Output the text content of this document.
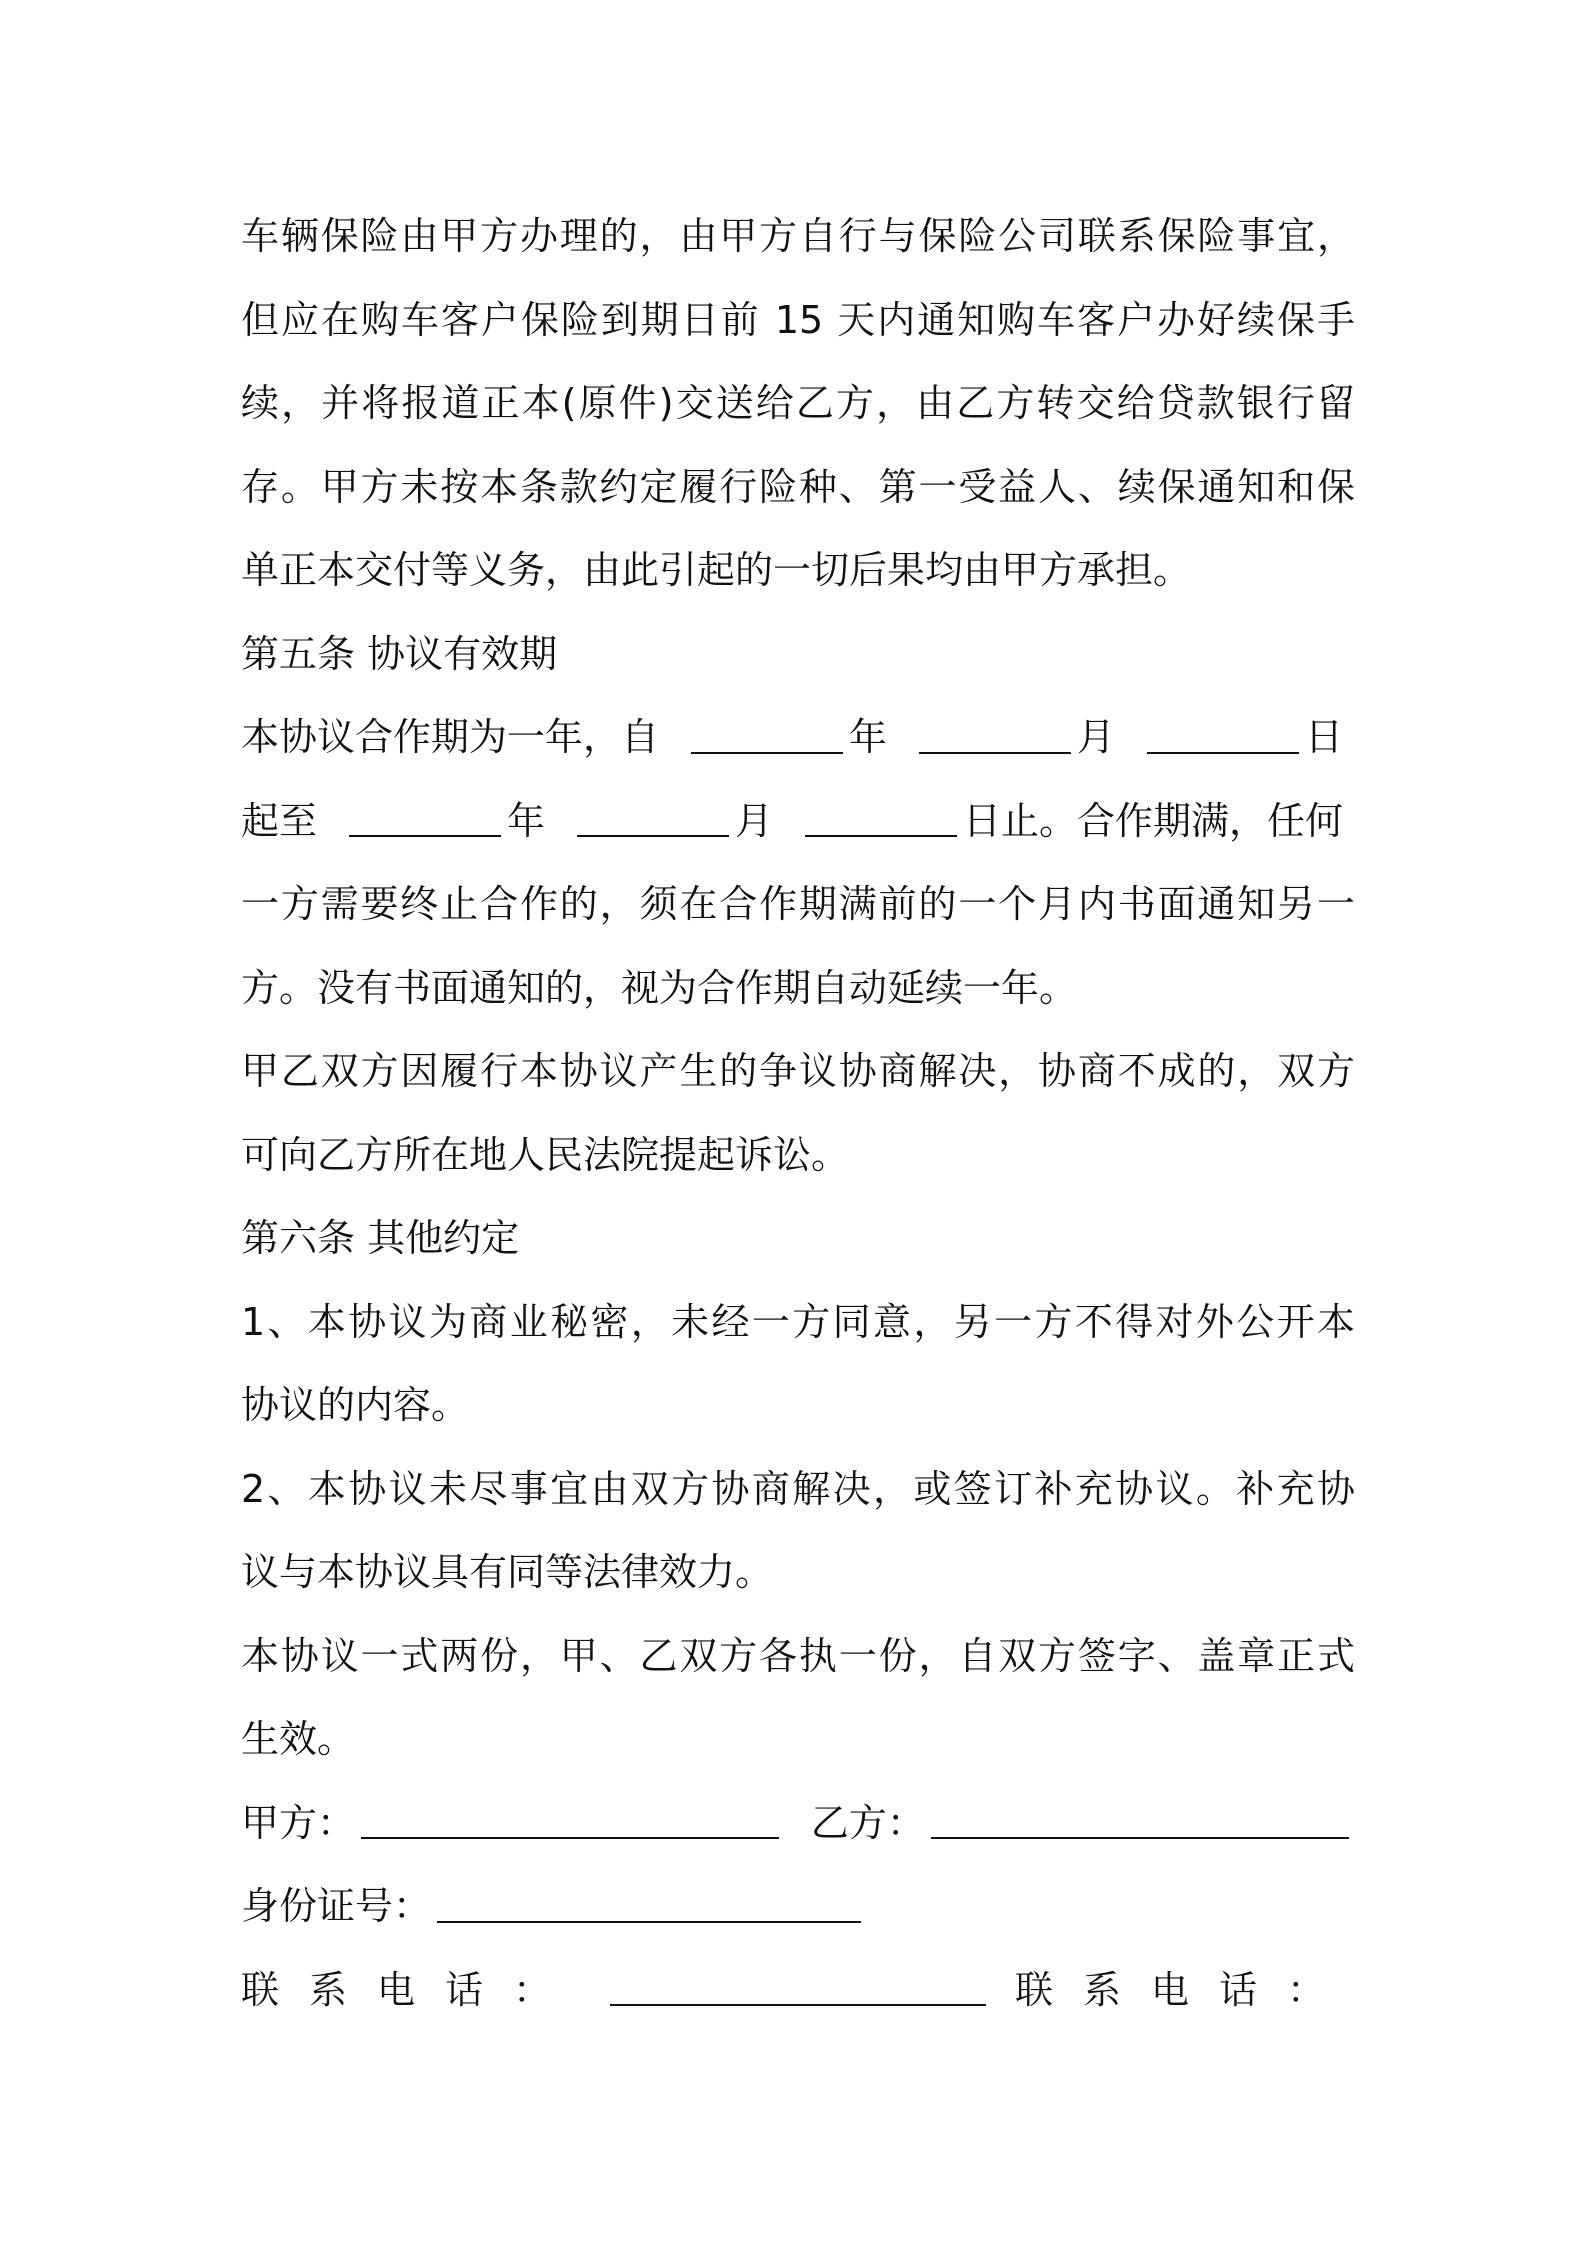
车辆保险由甲方办理的，由甲方自行与保险公司联系保险事宜，
但应在购车客户保险到期日前 15 天内通知购车客户办好续保手
续，并将报道正本(原件)交送给乙方，由乙方转交给贷款银行留
存。甲方未按本条款约定履行险种、第一受益人、续保通知和保
单正本交付等义务，由此引起的一切后果均由甲方承担。
第五条 协议有效期
本协议合作期为一年，自	年	月	日
起至	年	月	日止。合作期满，任何
一方需要终止合作的，须在合作期满前的一个月内书面通知另一
方。没有书面通知的，视为合作期自动延续一年。
甲乙双方因履行本协议产生的争议协商解决，协商不成的，双方
可向乙方所在地人民法院提起诉讼。
第六条 其他约定
1、本协议为商业秘密，未经一方同意，另一方不得对外公开本
协议的内容。
2、本协议未尽事宜由双方协商解决，或签订补充协议。补充协
议与本协议具有同等法律效力。
本协议一式两份，甲、乙双方各执一份，自双方签字、盖章正式
生效。
甲方：	乙方：
身份证号：
联系电话：	联系电话：
